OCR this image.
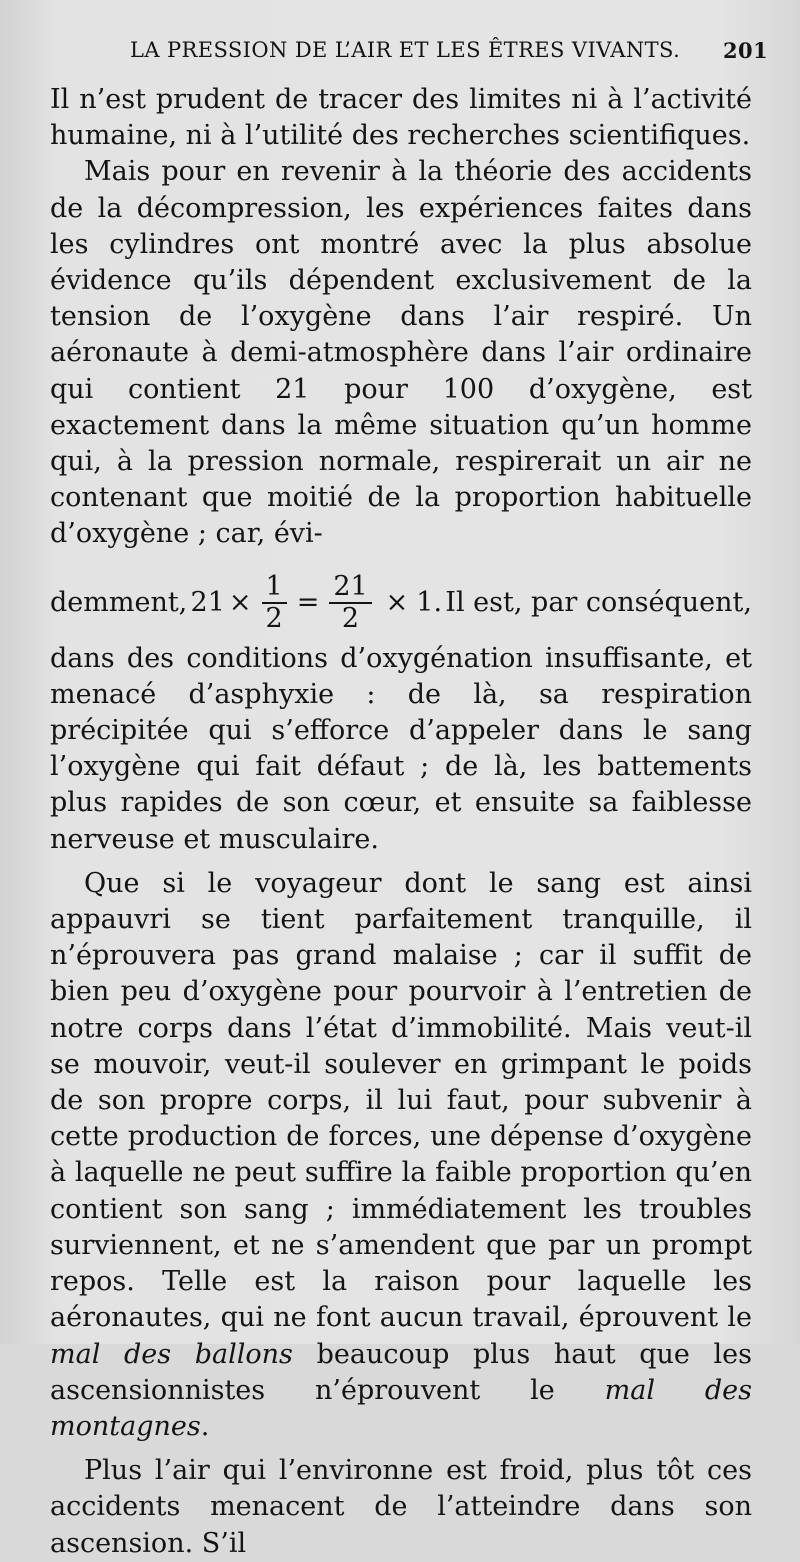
LA PRESSION DE L’AIR ET LES ÊTRES VIVANTS. 201

Il n’est prudent de tracer des limites ni à l’activité humaine, ni à l’utilité des recherches scientifiques.

Mais pour en revenir à la théorie des accidents de la décompression, les expériences faites dans les cylindres ont montré avec la plus absolue évidence qu’ils dépendent exclusivement de la tension de l’oxygène dans l’air respiré. Un aéronaute à demi-atmosphère dans l’air ordinaire qui contient 21 pour 100 d’oxygène, est exactement dans la même situation qu’un homme qui, à la pression normale, respirerait un air ne contenant que moitié de la proportion habituelle d’oxygène ; car, évi-

demment, $21 \times \frac{1}{2} = \frac{21}{2} \times 1$. Il est, par conséquent,

dans des conditions d’oxygénation insuffisante, et menacé d’asphyxie : de là, sa respiration précipitée qui s’efforce d’appeler dans le sang l’oxygène qui fait défaut ; de là, les battements plus rapides de son cœur, et ensuite sa faiblesse nerveuse et musculaire.

Que si le voyageur dont le sang est ainsi appauvri se tient parfaitement tranquille, il n’éprouvera pas grand malaise ; car il suffit de bien peu d’oxygène pour pourvoir à l’entretien de notre corps dans l’état d’immobilité. Mais veut-il se mouvoir, veut-il soulever en grimpant le poids de son propre corps, il lui faut, pour subvenir à cette production de forces, une dépense d’oxygène à laquelle ne peut suffire la faible proportion qu’en contient son sang ; immédiatement les troubles surviennent, et ne s’amendent que par un prompt repos. Telle est la raison pour laquelle les aéronautes, qui ne font aucun travail, éprouvent le mal des ballons beaucoup plus haut que les ascensionnistes n’éprouvent le mal des montagnes.

Plus l’air qui l’environne est froid, plus tôt ces accidents menacent de l’atteindre dans son ascension. S’il
